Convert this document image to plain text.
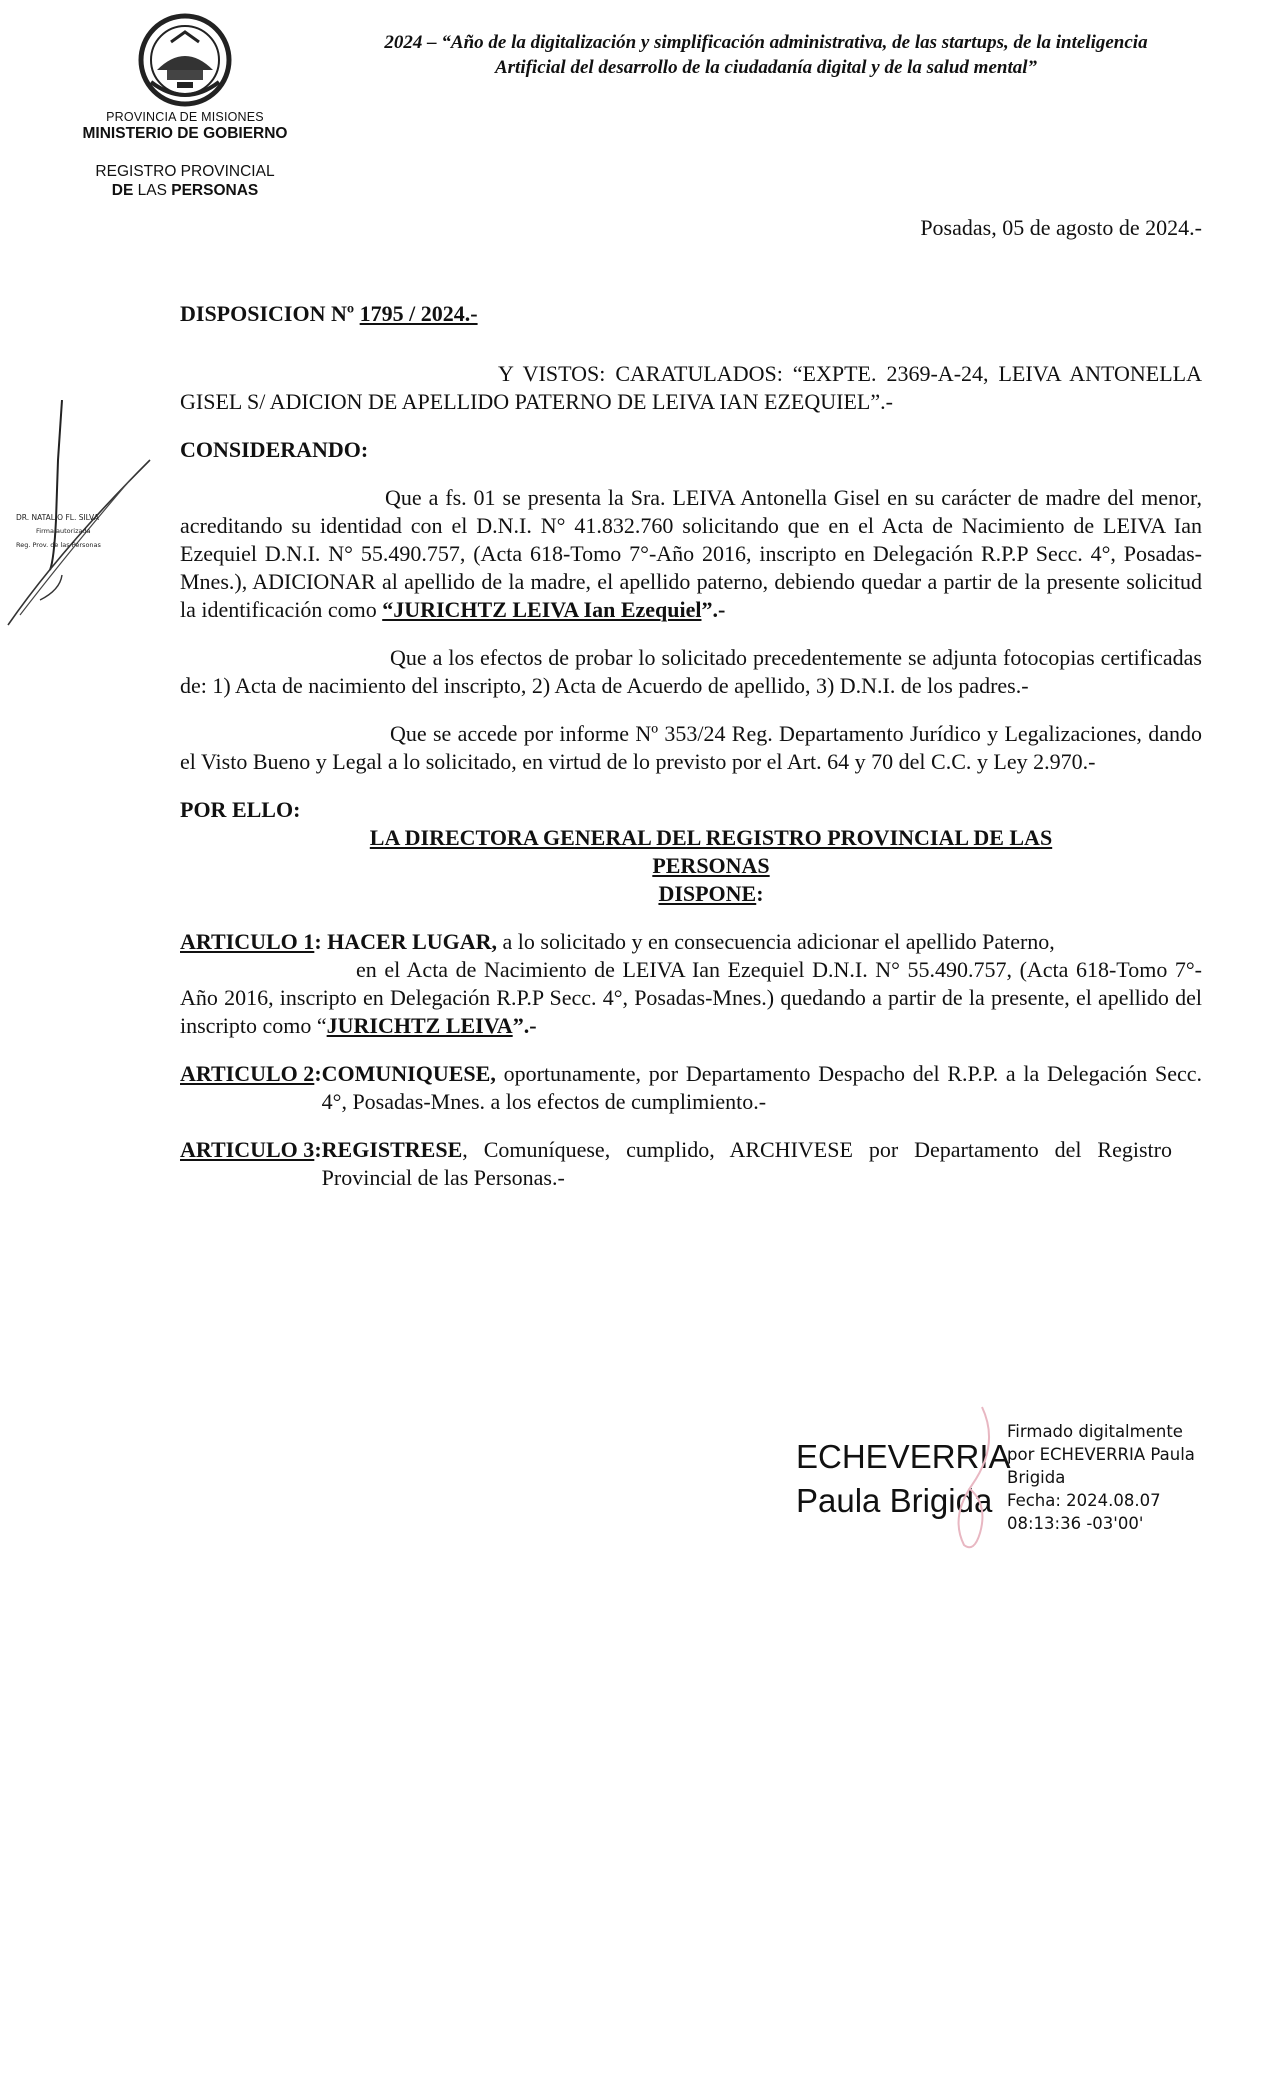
PROVINCIA DE MISIONES
MINISTERIO DE GOBIERNO
REGISTRO PROVINCIAL
DE LAS PERSONAS
2024 – “Año de la digitalización y simplificación administrativa, de las startups, de la inteligencia
Artificial del desarrollo de la ciudadanía digital y de la salud mental”
Posadas, 05 de agosto de 2024.-
DR. NATALIO FL. SILVA
Firma autorizada
Reg. Prov. de las Personas

DISPOSICION Nº 1795 / 2024.-

Y VISTOS: CARATULADOS: “EXPTE. 2369-A-24, LEIVA ANTONELLA GISEL S/ ADICION DE APELLIDO PATERNO DE LEIVA IAN EZEQUIEL”.-

CONSIDERANDO:

Que a fs. 01 se presenta la Sra. LEIVA Antonella Gisel en su carácter de madre del menor, acreditando su identidad con el D.N.I. N° 41.832.760 solicitando que en el Acta de Nacimiento de LEIVA Ian Ezequiel D.N.I. N° 55.490.757, (Acta 618-Tomo 7°-Año 2016, inscripto en Delegación R.P.P Secc. 4°, Posadas-Mnes.), ADICIONAR al apellido de la madre, el apellido paterno, debiendo quedar a partir de la presente solicitud la identificación como “JURICHTZ LEIVA Ian Ezequiel”.-

Que a los efectos de probar lo solicitado precedentemente se adjunta fotocopias certificadas de: 1) Acta de nacimiento del inscripto, 2) Acta de Acuerdo de apellido, 3) D.N.I. de los padres.-

Que se accede por informe Nº 353/24 Reg. Departamento Jurídico y Legalizaciones, dando el Visto Bueno y Legal a lo solicitado, en virtud de lo previsto por el Art. 64 y 70 del C.C. y Ley 2.970.-

POR ELLO:

LA DIRECTORA GENERAL DEL REGISTRO PROVINCIAL DE LAS PERSONAS

DISPONE:

ARTICULO 1: HACER LUGAR, a lo solicitado y en consecuencia adicionar el apellido Paterno,

en el Acta de Nacimiento de LEIVA Ian Ezequiel D.N.I. N° 55.490.757, (Acta 618-Tomo 7°-Año 2016, inscripto en Delegación R.P.P Secc. 4°, Posadas-Mnes.) quedando a partir de la presente, el apellido del inscripto como “JURICHTZ LEIVA”.-

ARTICULO 2: COMUNIQUESE, oportunamente, por Departamento Despacho del R.P.P. a la Delegación Secc. 4°, Posadas-Mnes. a los efectos de cumplimiento.-
ARTICULO 3: REGISTRESE, Comuníquese, cumplido, ARCHIVESE por Departamento del Registro Provincial de las Personas.-
ECHEVERRIA
Paula Brigida
Firmado digitalmente
por ECHEVERRIA Paula
Brigida
Fecha: 2024.08.07
08:13:36 -03'00'
